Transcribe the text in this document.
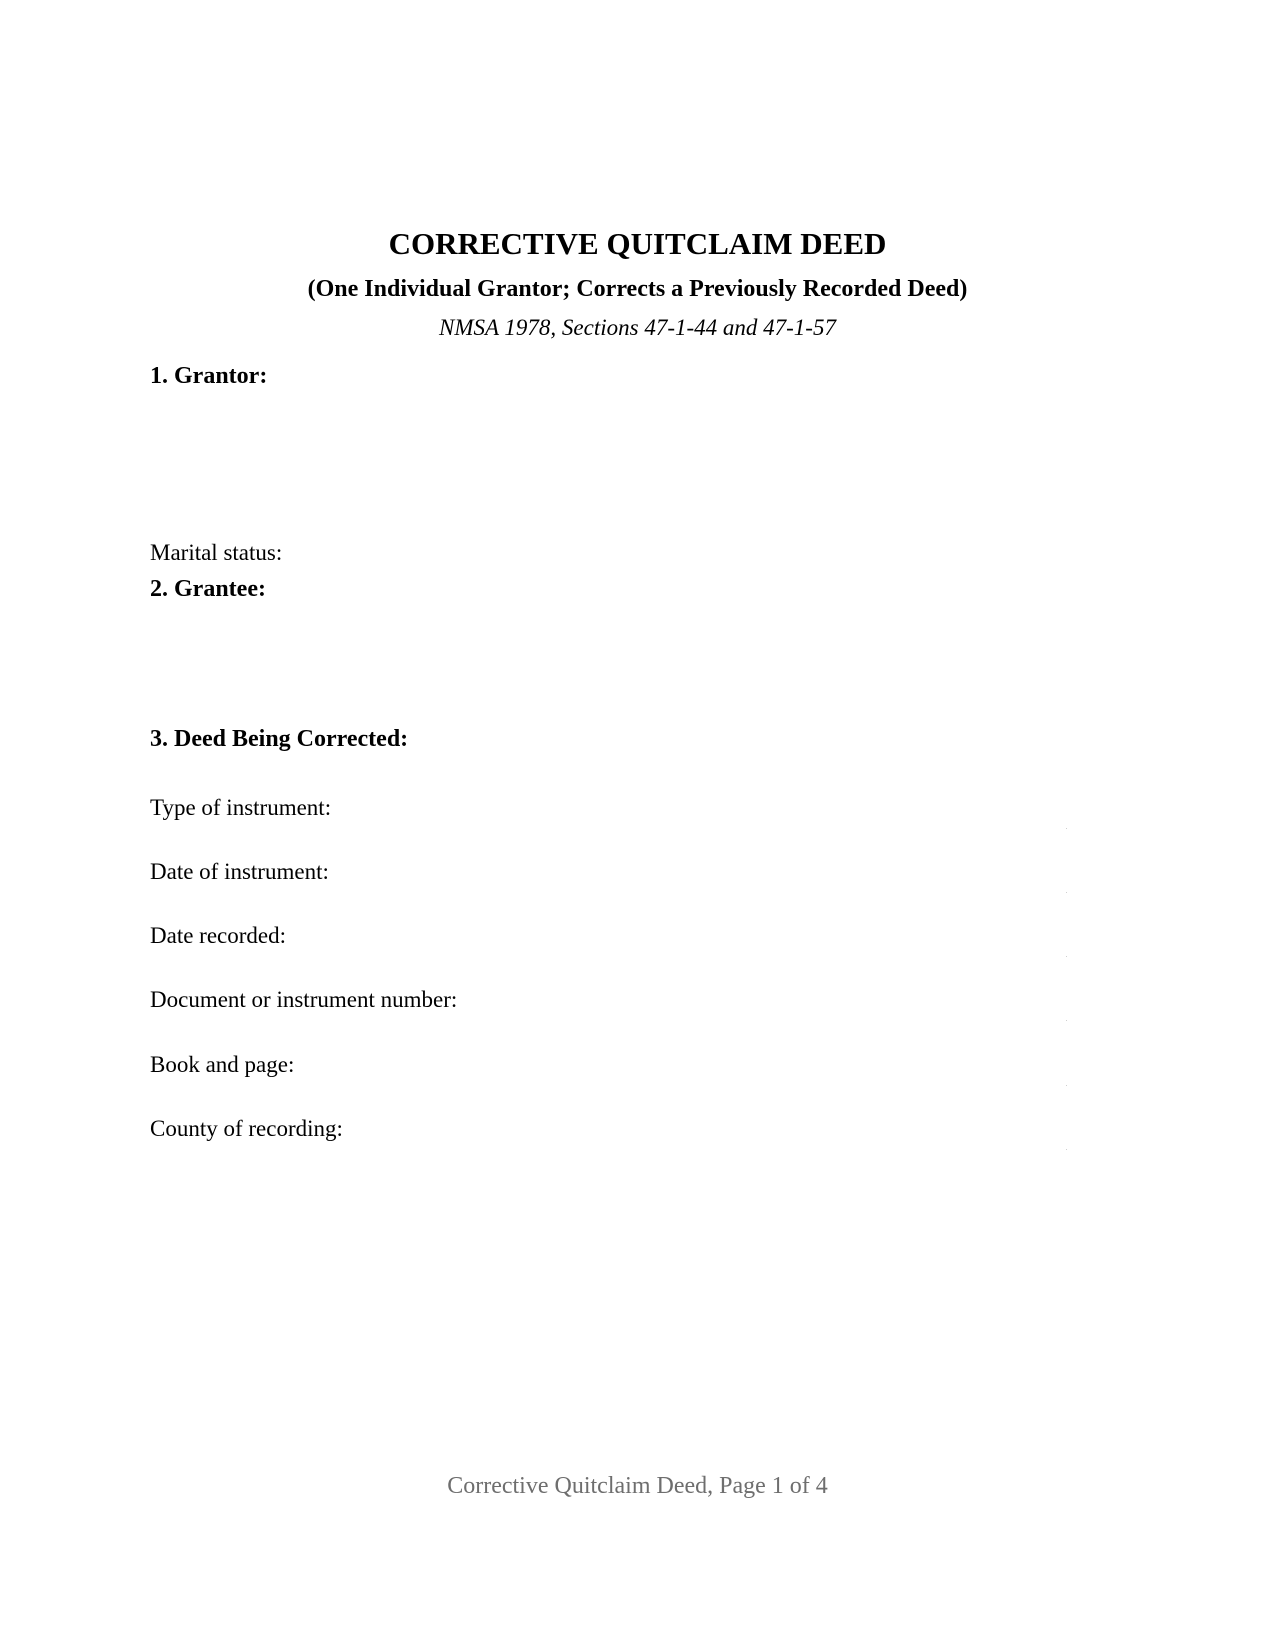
CORRECTIVE QUITCLAIM DEED
(One Individual Grantor; Corrects a Previously Recorded Deed)
NMSA 1978, Sections 47-1-44 and 47-1-57
1. Grantor:
Marital status:
2. Grantee:
3. Deed Being Corrected:
Type of instrument:
Date of instrument:
Date recorded:
Document or instrument number:
Book and page:
County of recording:
Corrective Quitclaim Deed, Page 1 of 4
